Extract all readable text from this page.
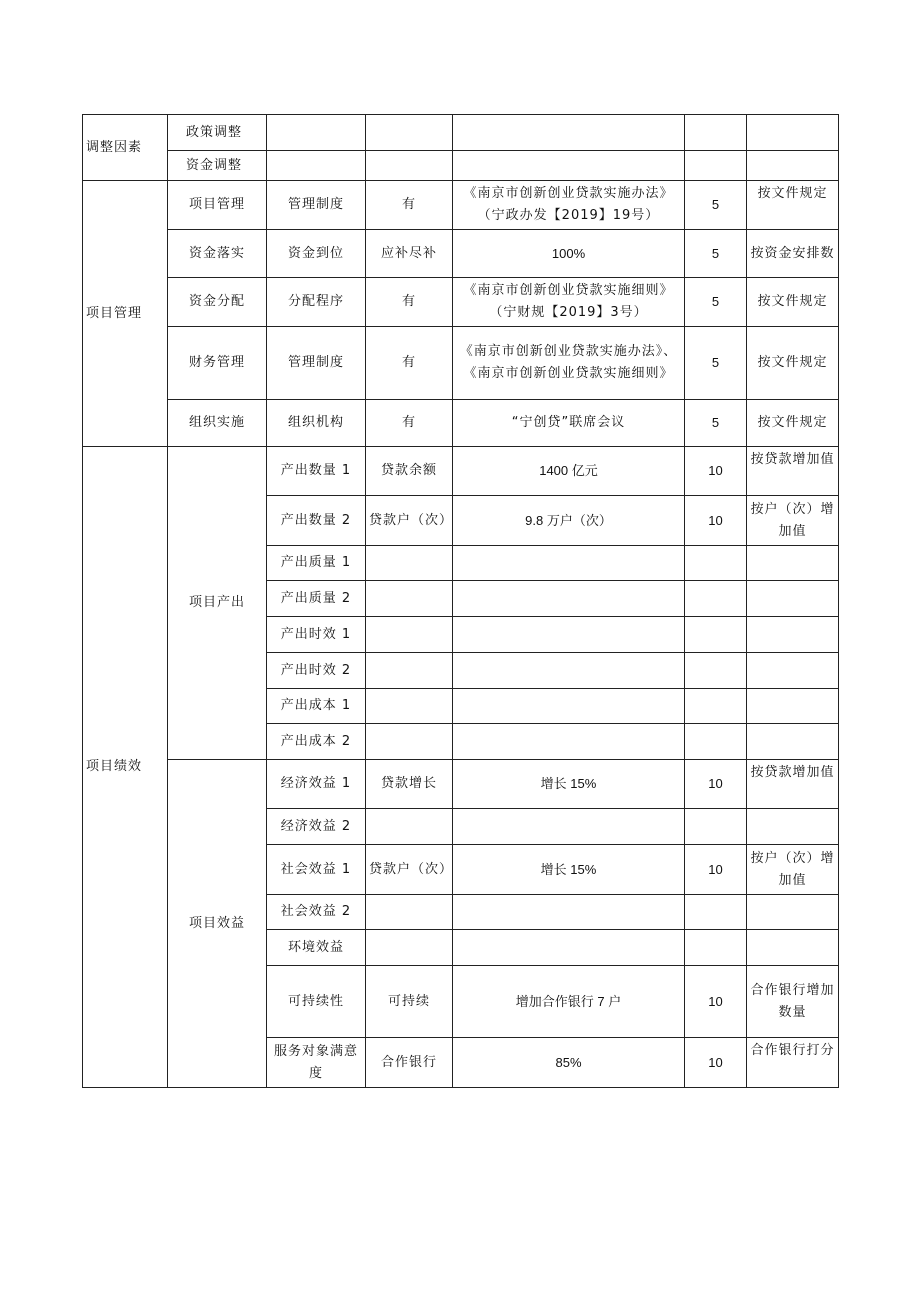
调整因素	政策调整					
	资金调整					
项目管理	项目管理	管理制度	有	《南京市创新创业贷款实施办法》（宁政办发【2019】19号）	5	按文件规定
	资金落实	资金到位	应补尽补	100%	5	按资金安排数
	资金分配	分配程序	有	《南京市创新创业贷款实施细则》（宁财规【2019】3号）	5	按文件规定
	财务管理	管理制度	有	《南京市创新创业贷款实施办法》、《南京市创新创业贷款实施细则》	5	按文件规定
	组织实施	组织机构	有	“宁创贷”联席会议	5	按文件规定
项目绩效	项目产出	产出数量 1	贷款余额	1400 亿元	10	按贷款增加值
		产出数量 2	贷款户（次）	9.8 万户（次）	10	按户（次）增加值
		产出质量 1				
		产出质量 2				
		产出时效 1				
		产出时效 2				
		产出成本 1				
		产出成本 2				
	项目效益	经济效益 1	贷款增长	增长 15%	10	按贷款增加值
		经济效益 2				
		社会效益 1	贷款户（次）	增长 15%	10	按户（次）增加值
		社会效益 2				
		环境效益				
		可持续性	可持续	增加合作银行 7 户	10	合作银行增加数量
		服务对象满意度	合作银行	85%	10	合作银行打分
